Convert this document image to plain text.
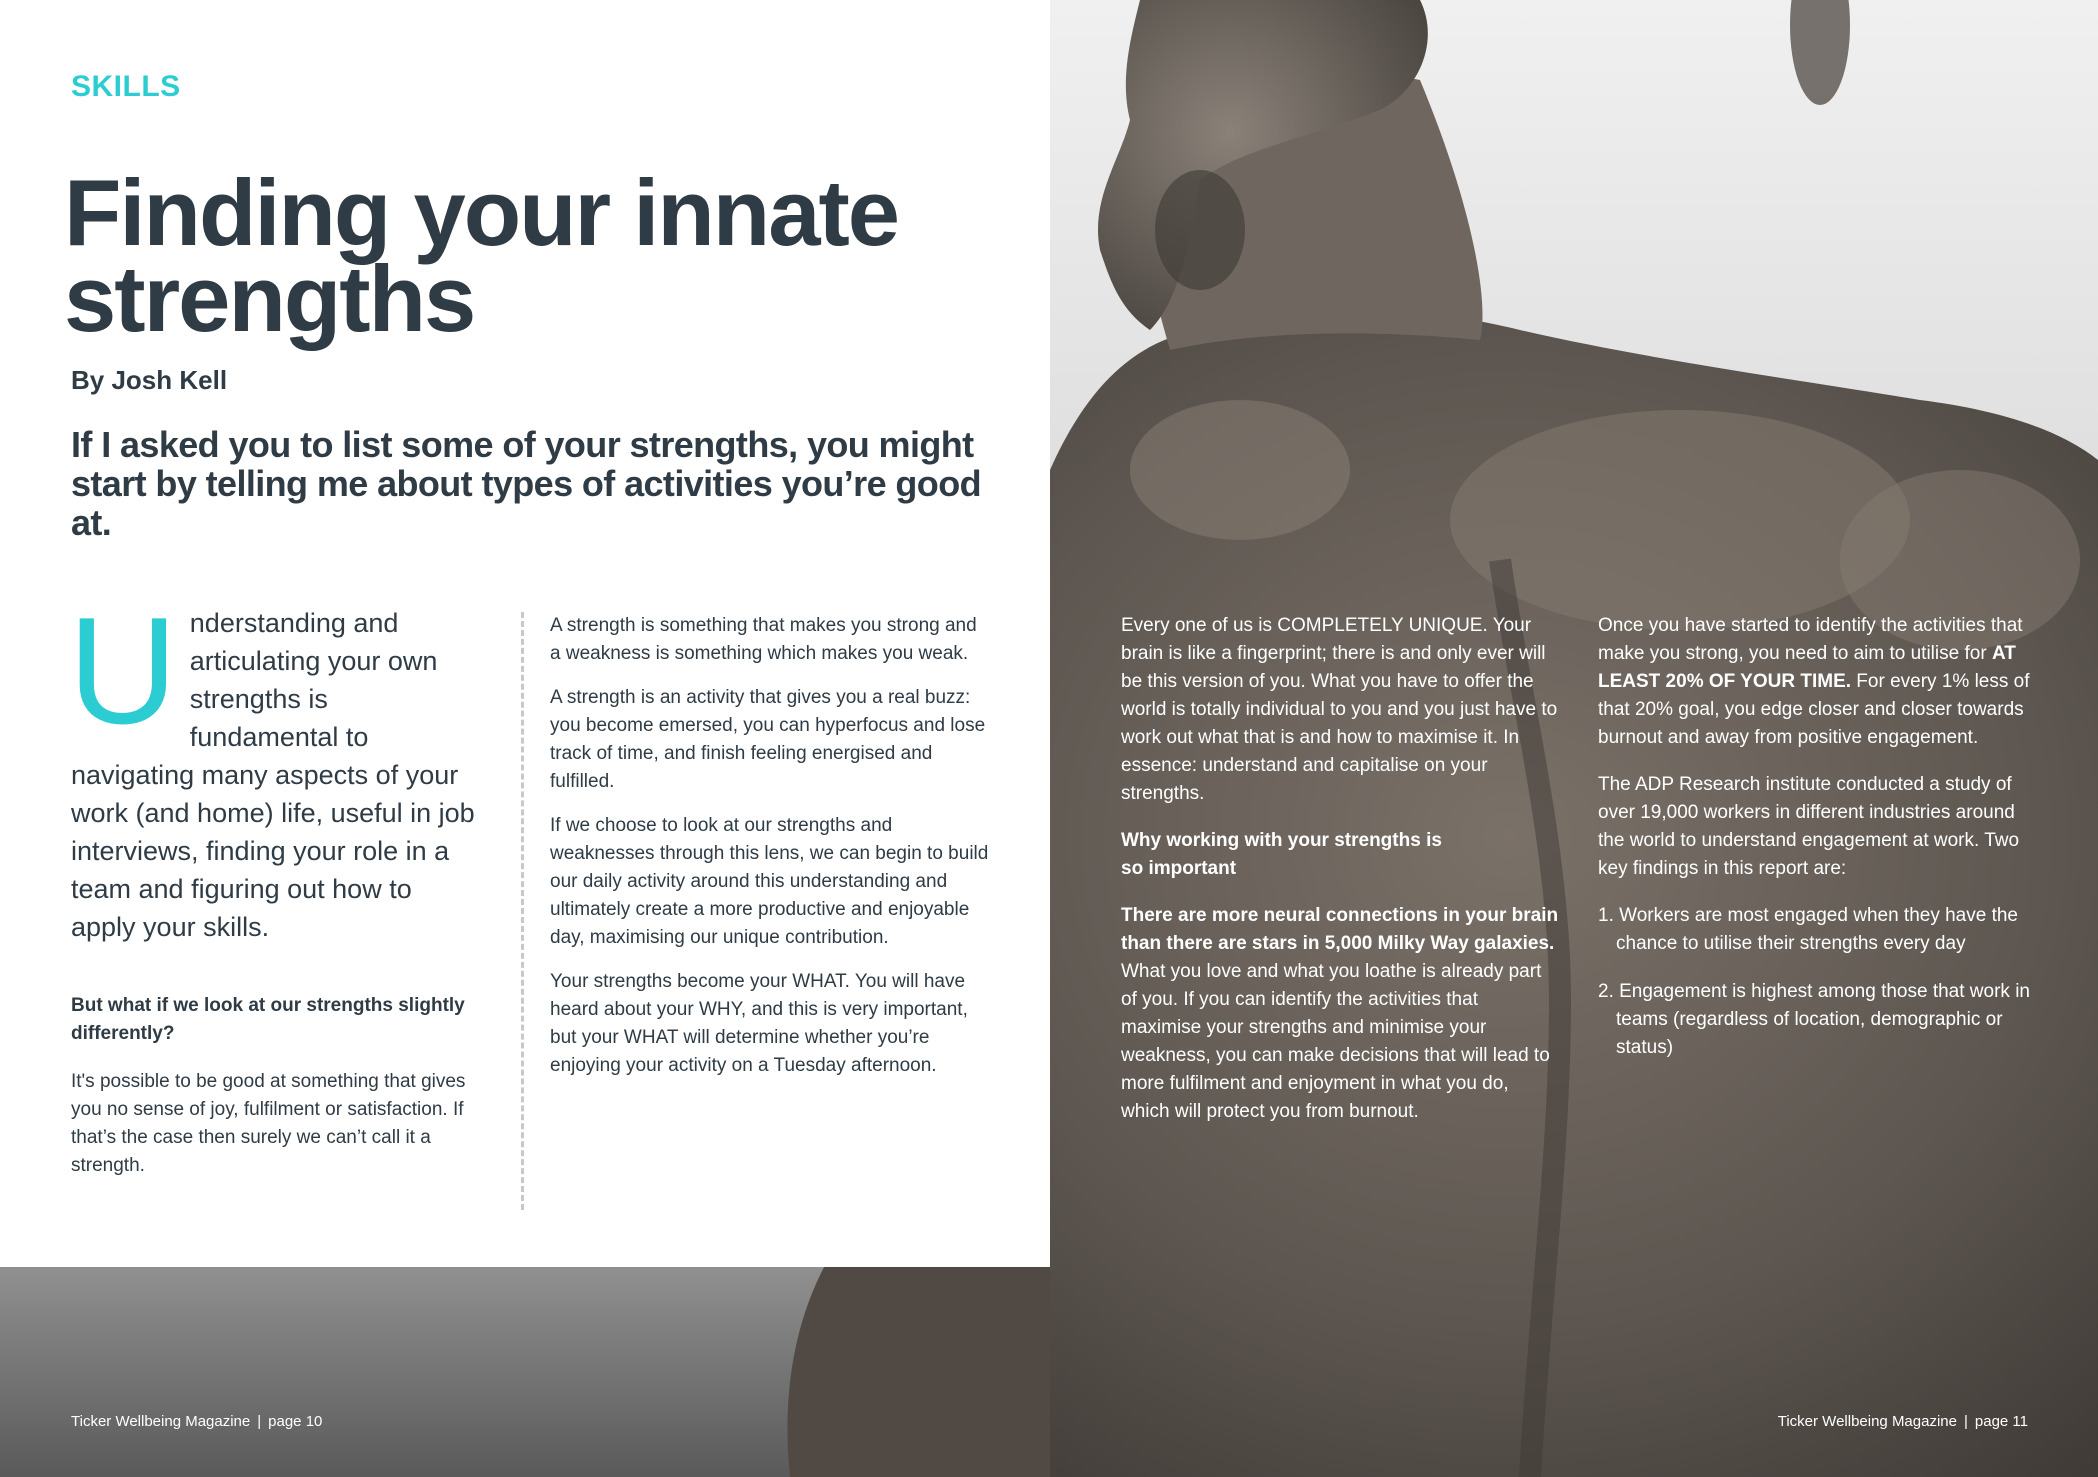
SKILLS
Finding your innate strengths
By Josh Kell

If I asked you to list some of your strengths, you might start by telling me about types of activities you’re good at.

Understanding and articulating your own strengths is fundamental to navigating many aspects of your work (and home) life, useful in job interviews, finding your role in a team and figuring out how to apply your skills.

But what if we look at our strengths slightly differently?

It's possible to be good at something that gives you no sense of joy, fulfilment or satisfaction. If that’s the case then surely we can’t call it a strength.

A strength is something that makes you strong and a weakness is something which makes you weak.

A strength is an activity that gives you a real buzz: you become emersed, you can hyperfocus and lose track of time, and finish feeling energised and fulfilled.

If we choose to look at our strengths and weaknesses through this lens, we can begin to build our daily activity around this understanding and ultimately create a more productive and enjoyable day, maximising our unique contribution.

Your strengths become your WHAT. You will have heard about your WHY, and this is very important, but your WHAT will determine whether you’re enjoying your activity on a Tuesday afternoon.

Every one of us is COMPLETELY UNIQUE. Your brain is like a fingerprint; there is and only ever will be this version of you. What you have to offer the world is totally individual to you and you just have to work out what that is and how to maximise it. In essence: understand and capitalise on your strengths.

Why working with your strengths is
so important

There are more neural connections in your brain than there are stars in 5,000 Milky Way galaxies. What you love and what you loathe is already part of you. If you can identify the activities that maximise your strengths and minimise your weakness, you can make decisions that will lead to more fulfilment and enjoyment in what you do, which will protect you from burnout.

Once you have started to identify the activities that make you strong, you need to aim to utilise for AT LEAST 20% OF YOUR TIME. For every 1% less of that 20% goal, you edge closer and closer towards burnout and away from positive engagement.

The ADP Research institute conducted a study of over 19,000 workers in different industries around the world to understand engagement at work. Two key findings in this report are:

1. Workers are most engaged when they have the chance to utilise their strengths every day
2. Engagement is highest among those that work in teams (regardless of location, demographic or status)
Ticker Wellbeing Magazine | page 10	Ticker Wellbeing Magazine | page 11
